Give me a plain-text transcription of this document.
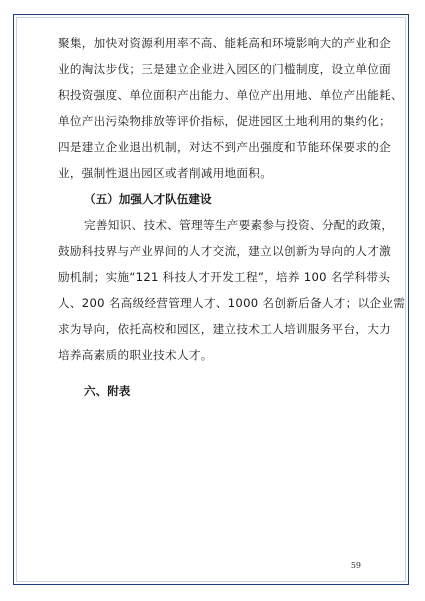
聚集，加快对资源利用率不高、能耗高和环境影响大的产业和企
业的淘汰步伐；三是建立企业进入园区的门槛制度，设立单位面
积投资强度、单位面积产出能力、单位产出用地、单位产出能耗、
单位产出污染物排放等评价指标，促进园区土地利用的集约化；
四是建立企业退出机制，对达不到产出强度和节能环保要求的企
业，强制性退出园区或者削减用地面积。
（五）加强人才队伍建设
完善知识、技术、管理等生产要素参与投资、分配的政策，
鼓励科技界与产业界间的人才交流，建立以创新为导向的人才激
励机制；实施“121 科技人才开发工程”，培养 100 名学科带头
人、200 名高级经营管理人才、1000 名创新后备人才；以企业需
求为导向，依托高校和园区，建立技术工人培训服务平台，大力
培养高素质的职业技术人才。
六、附表
59
